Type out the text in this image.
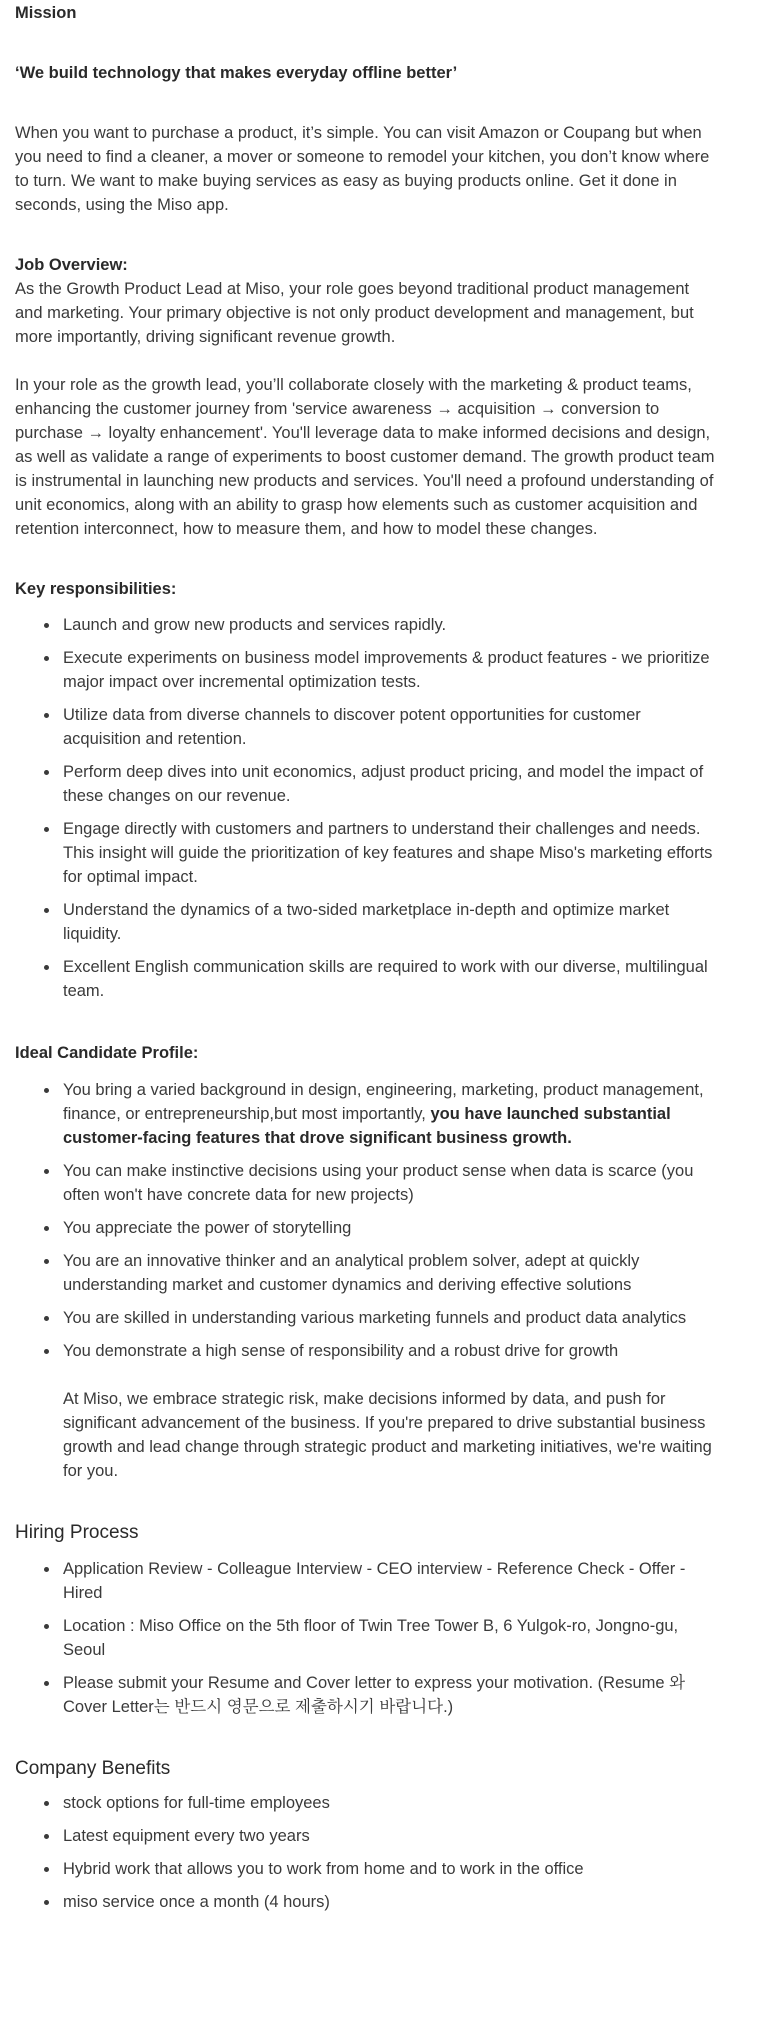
Mission

‘We build technology that makes everyday offline better’

When you want to purchase a product, it’s simple. You can visit Amazon or Coupang but when you need to find a cleaner, a mover or someone to remodel your kitchen, you don’t know where to turn. We want to make buying services as easy as buying products online. Get it done in seconds, using the Miso app.

Job Overview:

As the Growth Product Lead at Miso, your role goes beyond traditional product management and marketing. Your primary objective is not only product development and management, but more importantly, driving significant revenue growth.

In your role as the growth lead, you’ll collaborate closely with the marketing & product teams, enhancing the customer journey from 'service awareness → acquisition → conversion to purchase → loyalty enhancement'. You'll leverage data to make informed decisions and design, as well as validate a range of experiments to boost customer demand. The growth product team is instrumental in launching new products and services. You'll need a profound understanding of unit economics, along with an ability to grasp how elements such as customer acquisition and retention interconnect, how to measure them, and how to model these changes.

Key responsibilities:

Launch and grow new products and services rapidly.
Execute experiments on business model improvements & product features - we prioritize major impact over incremental optimization tests.
Utilize data from diverse channels to discover potent opportunities for customer acquisition and retention.
Perform deep dives into unit economics, adjust product pricing, and model the impact of these changes on our revenue.
Engage directly with customers and partners to understand their challenges and needs. This insight will guide the prioritization of key features and shape Miso's marketing efforts for optimal impact.
Understand the dynamics of a two-sided marketplace in-depth and optimize market liquidity.
Excellent English communication skills are required to work with our diverse, multilingual team.

Ideal Candidate Profile:

You bring a varied background in design, engineering, marketing, product management, finance, or entrepreneurship,but most importantly, you have launched substantial customer-facing features that drove significant business growth.
You can make instinctive decisions using your product sense when data is scarce (you often won't have concrete data for new projects)
You appreciate the power of storytelling
You are an innovative thinker and an analytical problem solver, adept at quickly understanding market and customer dynamics and deriving effective solutions
You are skilled in understanding various marketing funnels and product data analytics
You demonstrate a high sense of responsibility and a robust drive for growth

At Miso, we embrace strategic risk, make decisions informed by data, and push for significant advancement of the business. If you're prepared to drive substantial business growth and lead change through strategic product and marketing initiatives, we're waiting for you.

Hiring Process

Application Review - Colleague Interview - CEO interview - Reference Check - Offer - Hired
Location : Miso Office on the 5th floor of Twin Tree Tower B, 6 Yulgok-ro, Jongno-gu, Seoul
Please submit your Resume and Cover letter to express your motivation. (Resume 와 Cover Letter는 반드시 영문으로 제출하시기 바랍니다.)

Company Benefits

stock options for full-time employees
Latest equipment every two years
Hybrid work that allows you to work from home and to work in the office
miso service once a month (4 hours)
